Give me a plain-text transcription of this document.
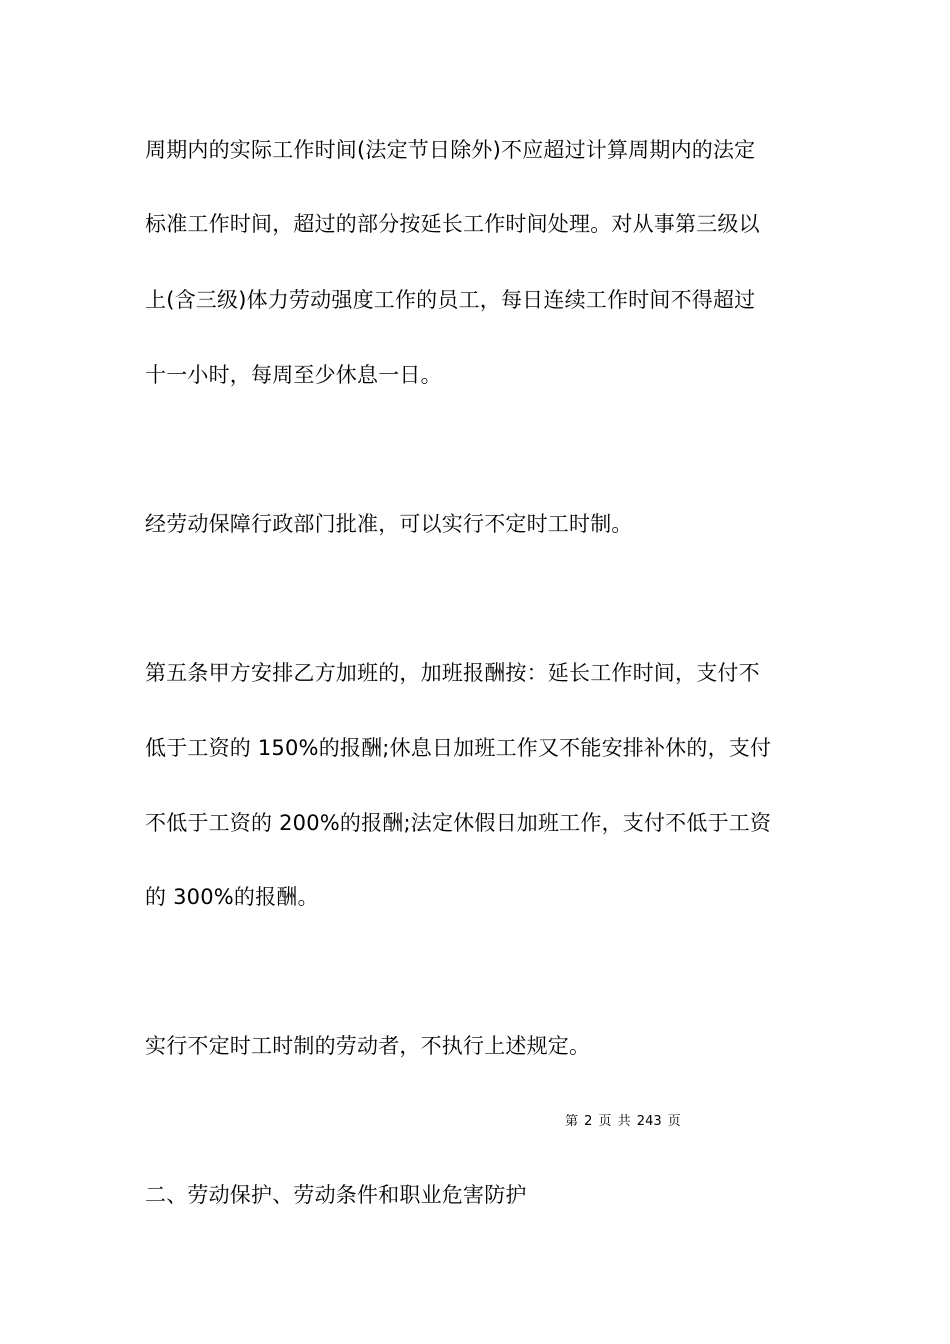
周期内的实际工作时间(法定节日除外)不应超过计算周期内的法定
标准工作时间，超过的部分按延长工作时间处理。对从事第三级以
上(含三级)体力劳动强度工作的员工，每日连续工作时间不得超过
十一小时，每周至少休息一日。
经劳动保障行政部门批准，可以实行不定时工时制。
第五条甲方安排乙方加班的，加班报酬按：延长工作时间，支付不
低于工资的 150%的报酬;休息日加班工作又不能安排补休的，支付
不低于工资的 200%的报酬;法定休假日加班工作，支付不低于工资
的 300%的报酬。
实行不定时工时制的劳动者，不执行上述规定。
第 2 页 共 243 页
二、劳动保护、劳动条件和职业危害防护
